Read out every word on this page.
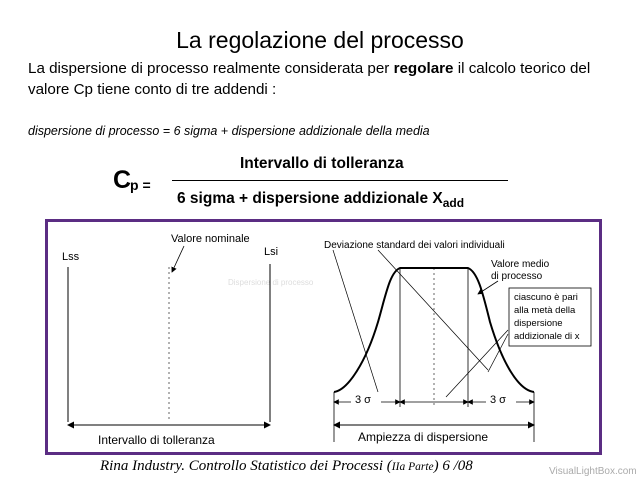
La regolazione del processo
La dispersione di processo realmente considerata per regolare il calcolo teorico del valore Cp tiene conto di tre addendi :
dispersione di processo = 6 sigma + dispersione addizionale della media
C
p =
Intervallo di tolleranza
6 sigma + dispersione addizionale $X_{add}$
Dispersione di processo
Lss	Lsi
Valore nominale
Intervallo di tolleranza
Deviazione standard dei valori individuali
Valore medio
di processo
ciascuno è pari
alla metà della
dispersione
addizionale di x
3 σ	3 σ
Ampiezza di dispersione
Rina Industry. Controllo Statistico dei Processi (IIa Parte) 6 /08	VisualLightBox.com
